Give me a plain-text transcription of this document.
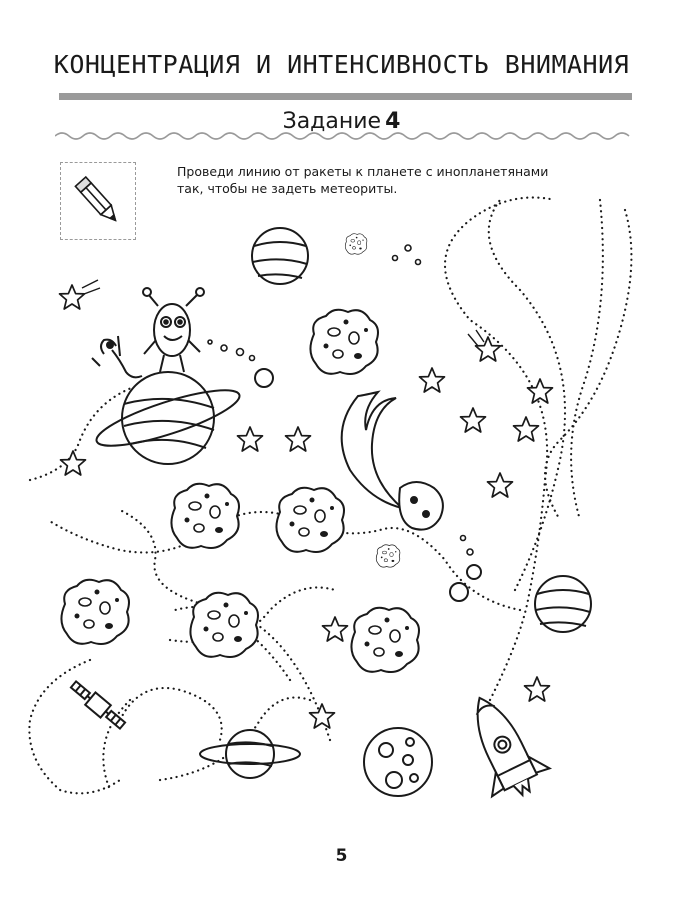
КОНЦЕНТРАЦИЯ И ИНТЕНСИВНОСТЬ ВНИМАНИЯ
Задание 4
Проведи линию от ракеты к планете с инопланетянами так, чтобы не задеть метеориты.
5
